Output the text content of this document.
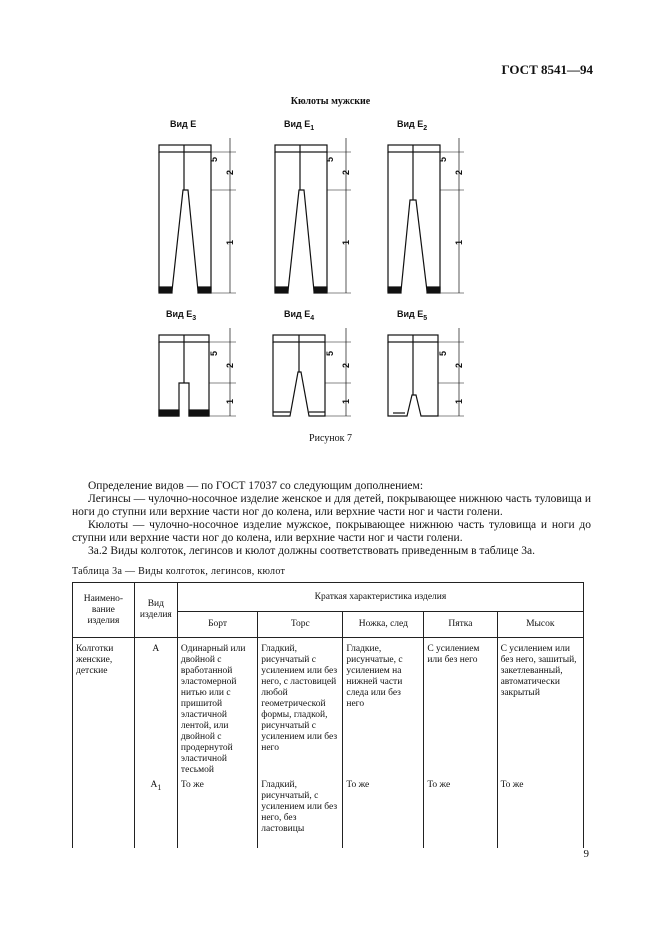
ГОСТ 8541—94
Кюлоты мужские
Вид Е	Вид $Е_1$	Вид $Е_2$
Вид $Е_3$	Вид $Е_4$	Вид $Е_5$
5
2
1
5
2
1
5
2
1
5
2
1
5
2
1
5
2
1
Рисунок 7
Определение видов — по ГОСТ 17037 со следующим дополнением:
Легинсы — чулочно-носочное изделие женское и для детей, покрывающее нижнюю часть туловища и ноги до ступни или верхние части ног до колена, или верхние части ног и части голени.
Кюлоты — чулочно-носочное изделие мужское, покрывающее нижнюю часть туловища и ноги до ступни или верхние части ног до колена, или верхние части ног и части голени.
3а.2 Виды колготок, легинсов и кюлот должны соответствовать приведенным в таблице 3а.
Таблица 3а — Виды колготок, легинсов, кюлот
Наимено-вание изделия	Вид изделия	Краткая характеристика изделия				
		Борт	Торс	Ножка, след	Пятка	Мысок
Колготки женские, детские	А	Одинарный или двойной с вработанной эластомерной нитью или с пришитой эластичной лентой, или двойной с продернутой эластичной тесьмой	Гладкий, рисунчатый с усилением или без него, с ластовицей любой геометрической формы, гладкой, рисунчатый с усилением или без него	Гладкие, рисунчатые, с усилением на нижней части следа или без него	С усилением или без него	С усилением или без него, зашитый, закетлеванный, автоматически закрытый
	$А_1$	То же	Гладкий, рисунчатый, с усилением или без него, без ластовицы	То же	То же	То же
9
